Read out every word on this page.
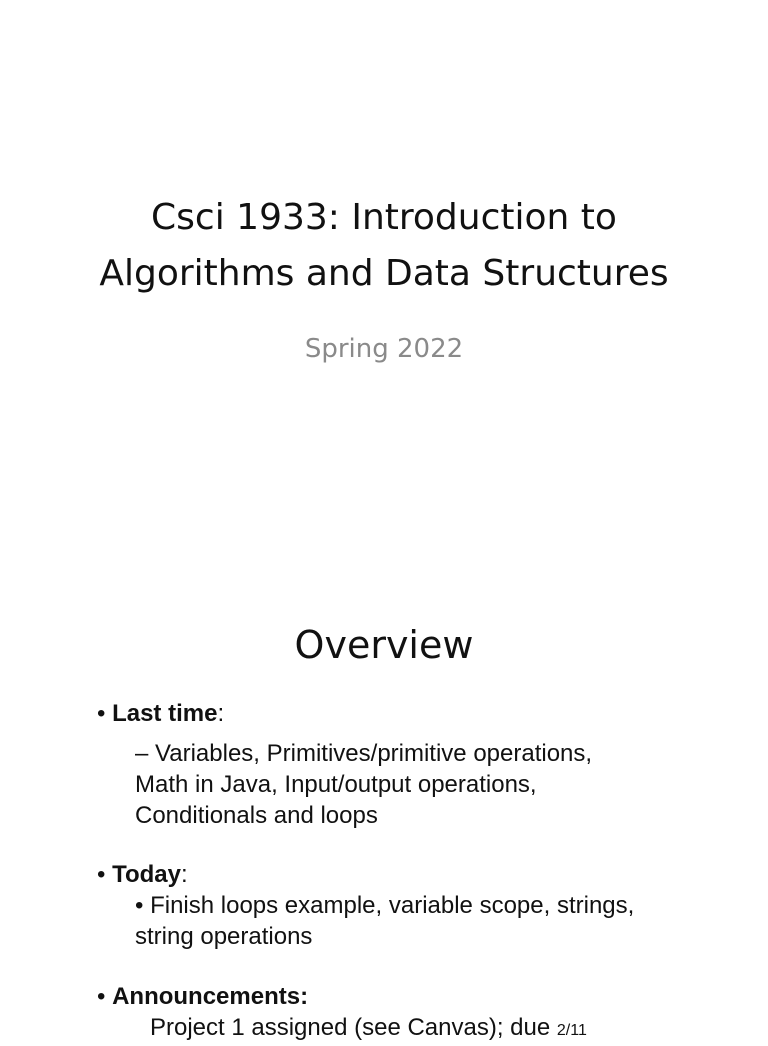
Csci 1933: Introduction to
Algorithms and Data Structures
Spring 2022
Overview
• Last time:
– Variables, Primitives/primitive operations,
Math in Java, Input/output operations,
Conditionals and loops
• Today:
• Finish loops example, variable scope, strings,
string operations
• Announcements:
Project 1 assigned (see Canvas); due 2/11
